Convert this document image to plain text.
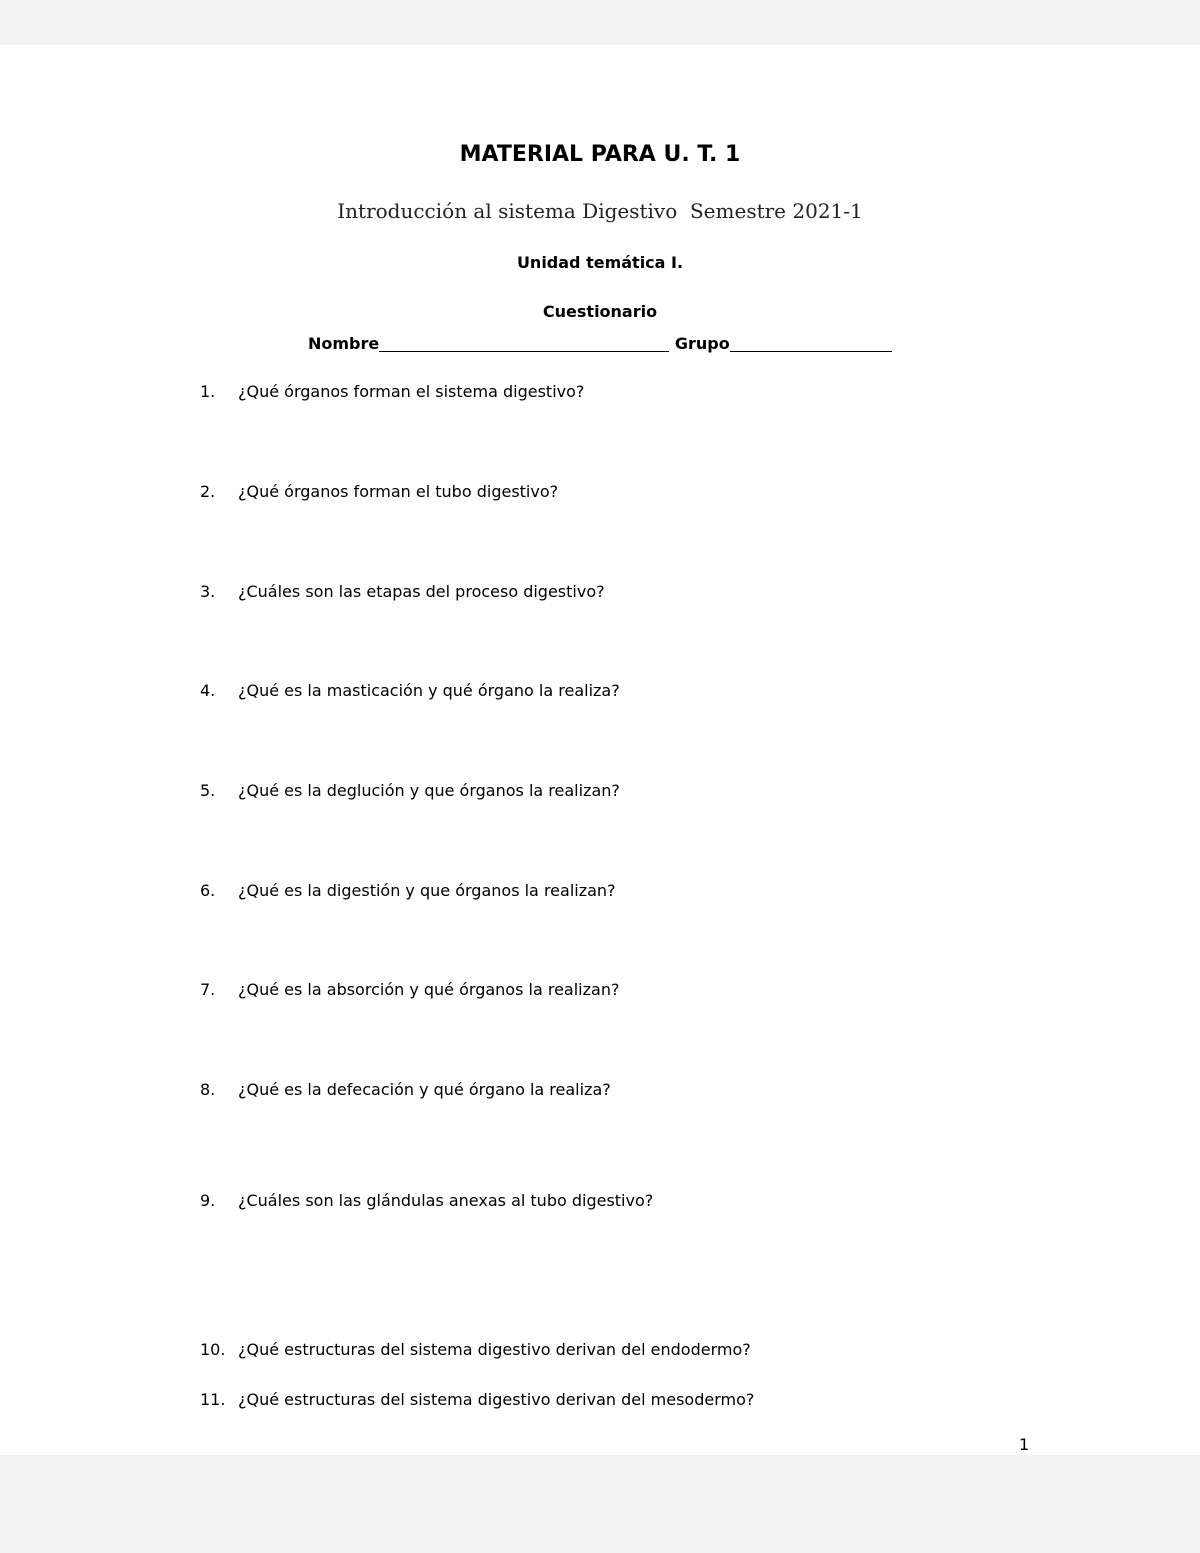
MATERIAL PARA U. T. 1
Introducción al sistema Digestivo  Semestre 2021-1
Unidad temática I.
Cuestionario
Nombre	Grupo
1. ¿Qué órganos forman el sistema digestivo?
2. ¿Qué órganos forman el tubo digestivo?
3. ¿Cuáles son las etapas del proceso digestivo?
4. ¿Qué es la masticación y qué órgano la realiza?
5. ¿Qué es la deglución y que órganos la realizan?
6. ¿Qué es la digestión y que órganos la realizan?
7. ¿Qué es la absorción y qué órganos la realizan?
8. ¿Qué es la defecación y qué órgano la realiza?
9. ¿Cuáles son las glándulas anexas al tubo digestivo?
10. ¿Qué estructuras del sistema digestivo derivan del endodermo?
11. ¿Qué estructuras del sistema digestivo derivan del mesodermo?
1
